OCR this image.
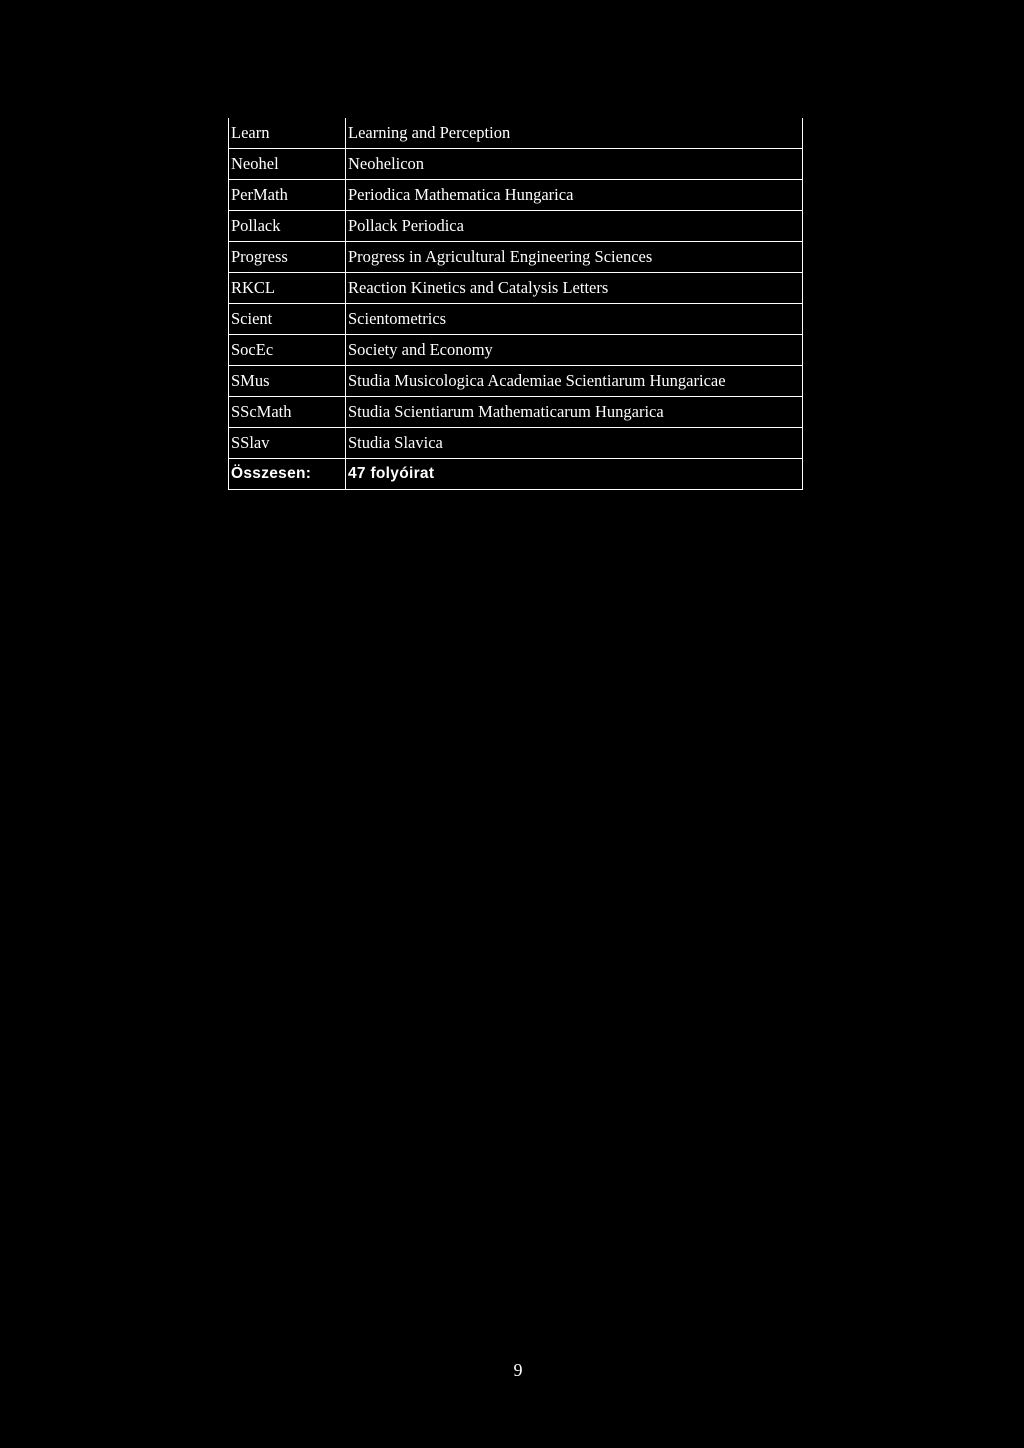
Learn	Learning and Perception
Neohel	Neohelicon
PerMath	Periodica Mathematica Hungarica
Pollack	Pollack Periodica
Progress	Progress in Agricultural Engineering Sciences
RKCL	Reaction Kinetics and Catalysis Letters
Scient	Scientometrics
SocEc	Society and Economy
SMus	Studia Musicologica Academiae Scientiarum Hungaricae
SScMath	Studia Scientiarum Mathematicarum Hungarica
SSlav	Studia Slavica
Összesen:	47 folyóirat
9
